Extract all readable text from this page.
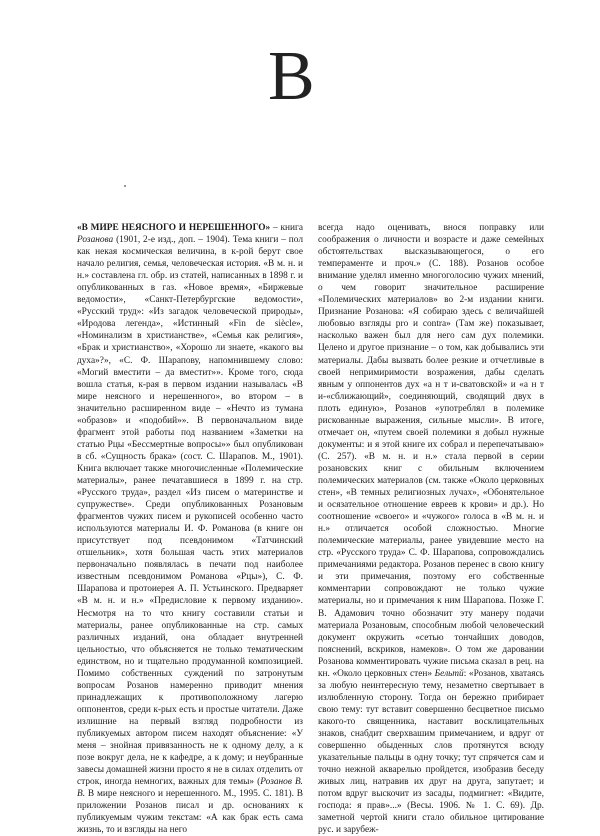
В

«В МИРЕ НЕЯСНОГО И НЕРЕШЕННОГО» – книга Розанова (1901, 2-е изд., доп. – 1904). Тема книги – пол как некая космическая величина, в к-рой берут свое начало религия, семья, человеческая история. «В м. н. и н.» составлена гл. обр. из статей, написанных в 1898 г. и опубликованных в газ. «Новое время», «Биржевые ведомости», «Санкт-Петербургские ведомости», «Русский труд»: «Из загадок человеческой природы», «Иродова легенда», «Истинный «Fin de siècle», «Номинализм в христианстве», «Семья как религия», «Брак и христианство», «Хорошо ли знаете, «какого вы духа»?», «С. Ф. Шарапову, напомнившему слово: «Могий вместити – да вместит»». Кроме того, сюда вошла статья, к-рая в первом издании называлась «В мире неясного и нерешенного», во втором – в значительно расширенном виде – «Нечто из тумана «образов» и «подобий»». В первоначальном виде фрагмент этой работы под названием «Заметки на статью Рцы «Бессмертные вопросы»» был опубликован в сб. «Сущность брака» (сост. С. Шарапов. М., 1901). Книга включает также многочисленные «Полемические материалы», ранее печатавшиеся в 1899 г. на стр. «Русского труда», раздел «Из писем о материнстве и супружестве». Среди опубликованных Розановым фрагментов чужих писем и рукописей особенно часто используются материалы И. Ф. Романова (в книге он присутствует под псевдонимом «Татчинский отшельник», хотя большая часть этих материалов первоначально появлялась в печати под наиболее известным псевдонимом Романова «Рцы»), С. Ф. Шарапова и протоиерея А. П. Устьинского. Предваряет «В м. н. и н.» «Предисловие к первому изданию». Несмотря на то что книгу составили статьи и материалы, ранее опубликованные на стр. самых различных изданий, она обладает внутренней цельностью, что объясняется не только тематическим единством, но и тщательно продуманной композицией. Помимо собственных суждений по затронутым вопросам Розанов намеренно приводит мнения принадлежащих к противоположному лагерю оппонентов, среди к-рых есть и простые читатели. Даже излишние на первый взгляд подробности из публикуемых автором писем находят объяснение: «У меня – знойная привязанность не к одному делу, а к позе вокруг дела, не к кафедре, а к дому; и неубранные завесы домашней жизни просто я не в силах отделить от строк, иногда немногих, важных для темы» (Розанов В. В. В мире неясного и нерешенного. М., 1995. С. 181). В приложении Розанов писал и др. основаниях к публикуемым чужим текстам: «А как брак есть сама жизнь, то и взгляды на него

всегда надо оценивать, внося поправку или соображения о личности и возрасте и даже семейных обстоятельствах высказывающегося, о его темпераменте и проч.» (С. 188). Розанов особое внимание уделял именно многоголосию чужих мнений, о чем говорит значительное расширение «Полемических материалов» во 2-м издании книги. Признание Розанова: «Я собираю здесь с величайшей любовью взгляды pro и contra» (Там же) показывает, насколько важен был для него сам дух полемики. Целено и другое признание – о том, как добывались эти материалы. Дабы вызвать более резкие и отчетливые в своей непримиримости возражения, дабы сделать явным у оппонентов дух «а н т и-сватовской» и «а н т и-«сближающий», соединяющий, сводящий двух в плоть единую», Розанов «употреблял в полемике рискованные выражения, сильные мысли». В итоге, отмечает он, «путем своей полемики я добыл нужные документы: и я этой книге их собрал и перепечатываю» (С. 257). «В м. н. и н.» стала первой в серии розановских книг с обильным включением полемических материалов (см. также «Около церковных стен», «В темных религиозных лучах», «Обонятельное и осязательное отношение евреев к крови» и др.). Но соотношение «своего» и «чужого» голоса в «В м. н. и н.» отличается особой сложностью. Многие полемические материалы, ранее увидевшие место на стр. «Русского труда» С. Ф. Шарапова, сопровождались примечаниями редактора. Розанов перенес в свою книгу и эти примечания, поэтому его собственные комментарии сопровождают не только чужие материалы, но и примечания к ним Шарапова. Позже Г. В. Адамович точно обозначит эту манеру подачи материала Розановым, способным любой человеческий документ окружить «сетью тончайших доводов, пояснений, вскриков, намеков». О том же даровании Розанова комментировать чужие письма сказал в рец. на кн. «Около церковных стен» Бельтй: «Розанов, хватаясь за любую неинтересную тему, незаметно свертывает в излюбленную сторону. Тогда он бережно прибирает свою тему: тут вставит совершенно бесцветное письмо какого-то священника, наставит восклицательных знаков, снабдит сверхвашим примечанием, и вдруг от совершенно обыденных слов протянутся всюду указательные пальцы в одну точку; тут спрячется сам и точно нежной акварелью пройдется, изобразив беседу живых лиц, натравив их друг на друга, запутает; и потом вдруг выскочит из засады, подмигнет: «Видите, господа: я прав»...» (Весы. 1906. № 1. С. 69). Др. заметной чертой книги стало обильное цитирование рус. и зарубеж-
